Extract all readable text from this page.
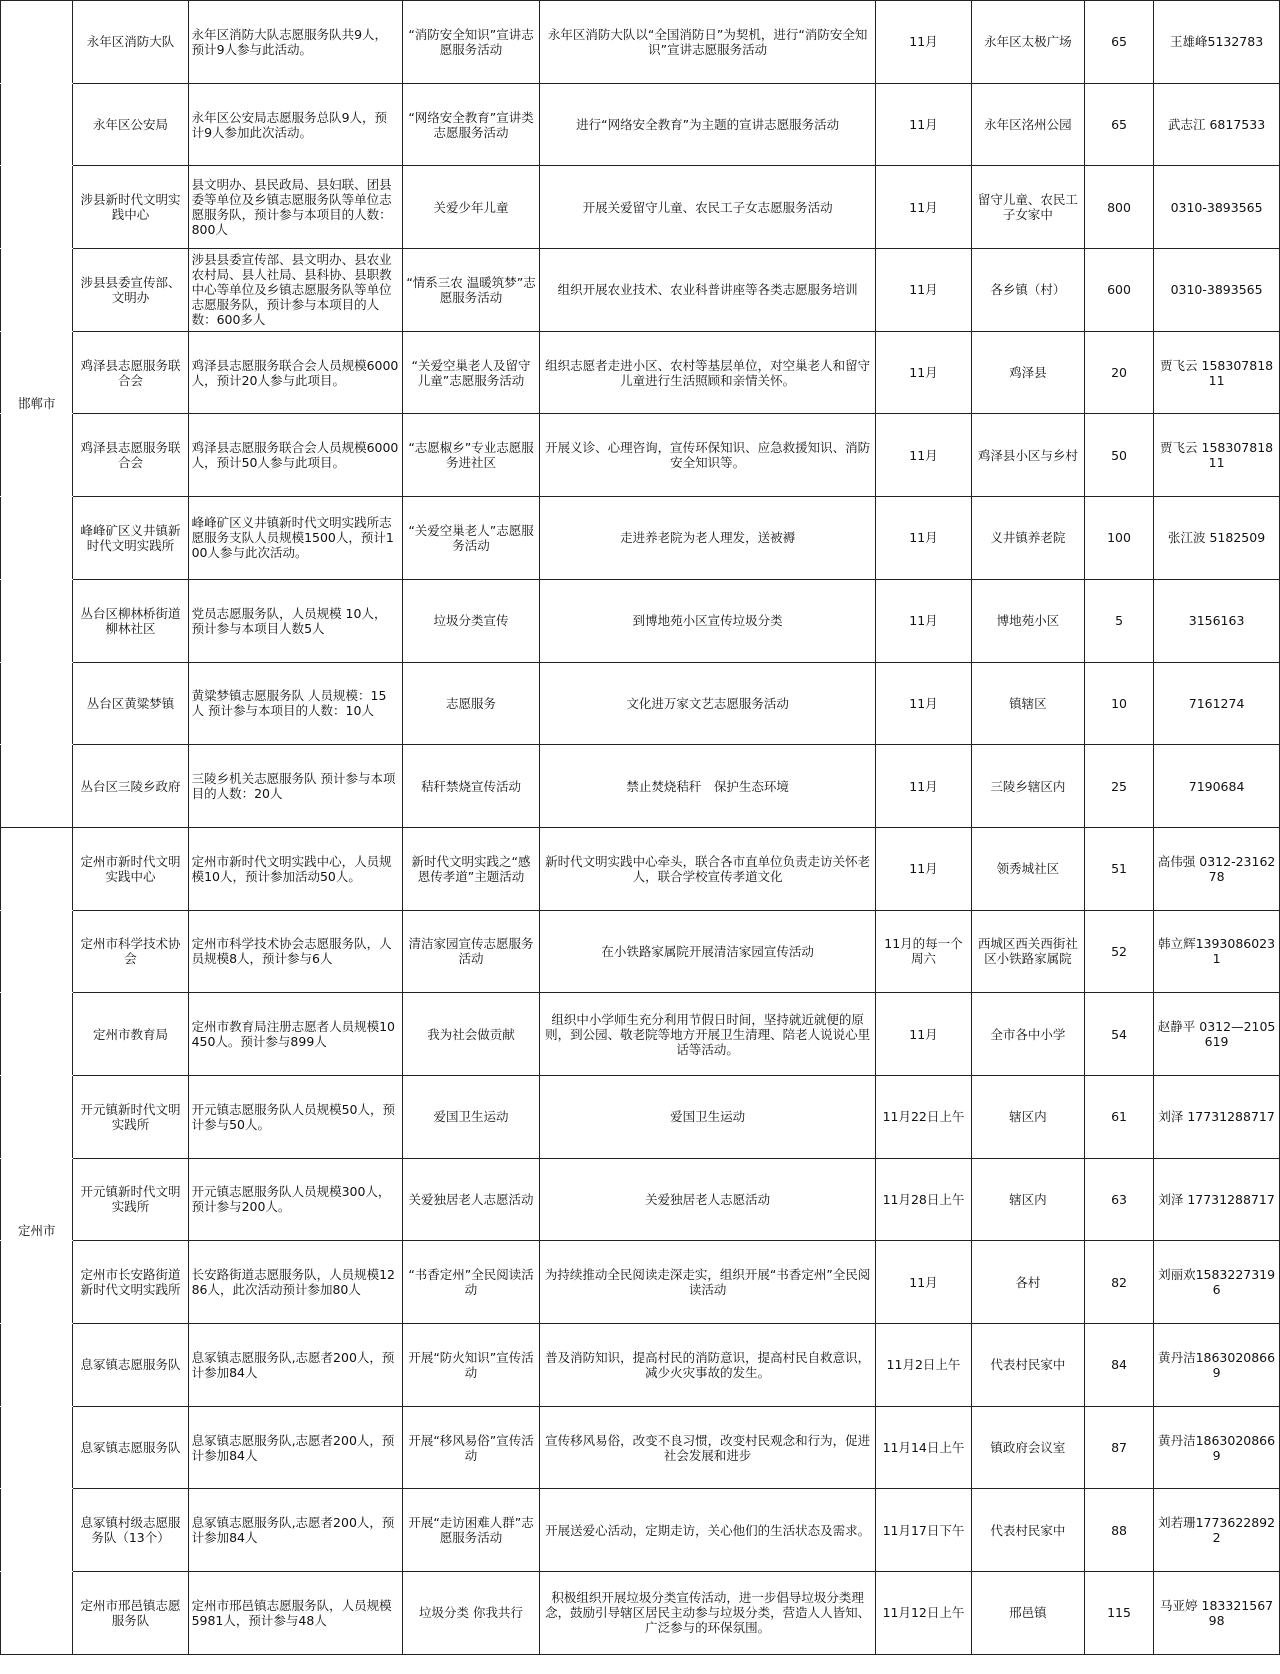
	永年区消防大队	永年区消防大队志愿服务队共9人，预计9人参与此活动。	“消防安全知识”宣讲志愿服务活动	永年区消防大队以“全国消防日”为契机，进行“消防安全知识”宣讲志愿服务活动	11月	永年区太极广场	65	王雄峰5132783
	永年区公安局	永年区公安局志愿服务总队9人，预计9人参加此次活动。	“网络安全教育”宣讲类志愿服务活动	进行“网络安全教育”为主题的宣讲志愿服务活动	11月	永年区洺州公园	65	武志江 6817533
	涉县新时代文明实践中心	县文明办、县民政局、县妇联、团县委等单位及乡镇志愿服务队等单位志愿服务队，预计参与本项目的人数：800人	关爱少年儿童	开展关爱留守儿童、农民工子女志愿服务活动	11月	留守儿童、农民工子女家中	800	0310-3893565
	涉县县委宣传部、文明办	涉县县委宣传部、县文明办、县农业农村局、县人社局、县科协、县职教中心等单位及乡镇志愿服务队等单位志愿服务队，预计参与本项目的人数：600多人	“情系三农 温暖筑梦”志愿服务活动	组织开展农业技术、农业科普讲座等各类志愿服务培训	11月	各乡镇（村）	600	0310-3893565
邯郸市	鸡泽县志愿服务联合会	鸡泽县志愿服务联合会人员规模6000人，预计20人参与此项目。	“关爱空巢老人及留守儿童”志愿服务活动	组织志愿者走进小区、农村等基层单位，对空巢老人和留守儿童进行生活照顾和亲情关怀。	11月	鸡泽县	20	贾飞云 15830781811
	鸡泽县志愿服务联合会	鸡泽县志愿服务联合会人员规模6000人，预计50人参与此项目。	“志愿椒乡”专业志愿服务进社区	开展义诊、心理咨询，宣传环保知识、应急救援知识、消防安全知识等。	11月	鸡泽县小区与乡村	50	贾飞云 15830781811
	峰峰矿区义井镇新时代文明实践所	峰峰矿区义井镇新时代文明实践所志愿服务支队人员规模1500人，预计100人参与此次活动。	“关爱空巢老人”志愿服务活动	走进养老院为老人理发，送被褥	11月	义井镇养老院	100	张江波 5182509
	丛台区柳林桥街道柳林社区	党员志愿服务队，人员规模 10人，预计参与本项目人数5人	垃圾分类宣传	到博地苑小区宣传垃圾分类	11月	博地苑小区	5	3156163
	丛台区黄粱梦镇	黄粱梦镇志愿服务队 人员规模：15人 预计参与本项目的人数：10人	志愿服务	文化进万家文艺志愿服务活动	11月	镇辖区	10	7161274
	丛台区三陵乡政府	三陵乡机关志愿服务队 预计参与本项目的人数：20人	秸秆禁烧宣传活动	禁止焚烧秸秆　保护生态环境	11月	三陵乡辖区内	25	7190684
	定州市新时代文明实践中心	定州市新时代文明实践中心，人员规模10人，预计参加活动50人。	新时代文明实践之“感恩传孝道”主题活动	新时代文明实践中心牵头，联合各市直单位负责走访关怀老人，联合学校宣传孝道文化	11月	领秀城社区	51	高伟强 0312-2316278
	定州市科学技术协会	定州市科学技术协会志愿服务队，人员规模8人，预计参与6人	清洁家园宣传志愿服务活动	在小铁路家属院开展清洁家园宣传活动	11月的每一个周六	西城区西关西街社区小铁路家属院	52	韩立辉13930860231
	定州市教育局	定州市教育局注册志愿者人员规模10450人。预计参与899人	我为社会做贡献	组织中小学师生充分利用节假日时间，坚持就近就便的原则，到公园、敬老院等地方开展卫生清理、陪老人说说心里话等活动。	11月	全市各中小学	54	赵静平 0312—2105619
	开元镇新时代文明实践所	开元镇志愿服务队人员规模50人，预计参与50人。	爱国卫生运动	爱国卫生运动	11月22日上午	辖区内	61	刘泽 17731288717
定州市	开元镇新时代文明实践所	开元镇志愿服务队人员规模300人，预计参与200人。	关爱独居老人志愿活动	关爱独居老人志愿活动	11月28日上午	辖区内	63	刘泽 17731288717
	定州市长安路街道新时代文明实践所	长安路街道志愿服务队，人员规模1286人，此次活动预计参加80人	“书香定州”全民阅读活动	为持续推动全民阅读走深走实，组织开展“书香定州”全民阅读活动	11月	各村	82	刘丽欢15832273196
	息冢镇志愿服务队	息冢镇志愿服务队,志愿者200人，预计参加84人	开展“防火知识”宣传活动	普及消防知识，提高村民的消防意识，提高村民自救意识，减少火灾事故的发生。	11月2日上午	代表村民家中	84	黄丹洁18630208669
	息冢镇志愿服务队	息冢镇志愿服务队,志愿者200人，预计参加84人	开展“移风易俗”宣传活动	宣传移风易俗，改变不良习惯，改变村民观念和行为，促进社会发展和进步	11月14日上午	镇政府会议室	87	黄丹洁18630208669
	息冢镇村级志愿服务队（13个）	息冢镇志愿服务队,志愿者200人，预计参加84人	开展“走访困难人群”志愿服务活动	开展送爱心活动，定期走访，关心他们的生活状态及需求。	11月17日下午	代表村民家中	88	刘若珊17736228922
	定州市邢邑镇志愿服务队	定州市邢邑镇志愿服务队，人员规模5981人，预计参与48人	垃圾分类 你我共行	积极组织开展垃圾分类宣传活动，进一步倡导垃圾分类理念，鼓励引导辖区居民主动参与垃圾分类，营造人人皆知、广泛参与的环保氛围。	11月12日上午	邢邑镇	115	马亚婷 18332156798
